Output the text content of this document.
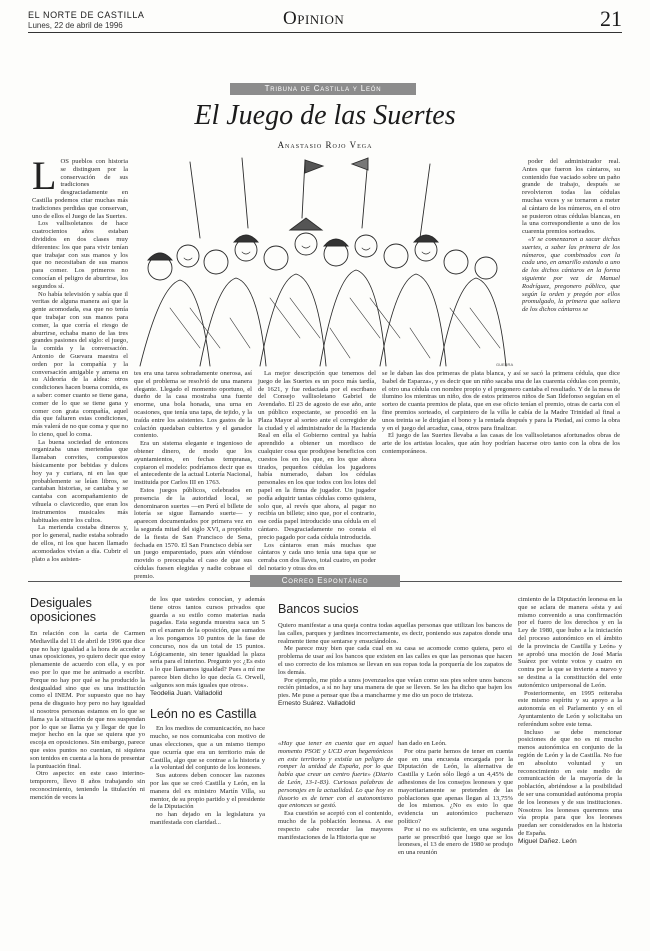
EL NORTE DE CASTILLA
Lunes, 22 de abril de 1996	Opinion	21
Tribuna de Castilla y León
El Juego de las Suertes
Anastasio Rojo Vega

LOS pueblos con historia se distinguen por la conservación de sus tradiciones desgraciadamente en Castilla podemos citar muchas más tradiciones perdidas que conservan, uno de ellos el Juego de las Suertes.

Los vallisoletanos de hace cuatrocientos años estaban divididos en dos clases muy diferentes: los que para vivir tenían que trabajar con sus manos y los que no necesitaban de sus manos para comer. Los primeros no conocían el peligro de aburrirse, los segundos sí.

No había televisión y sabía que il veritas de alguna manera así que la gente acomodada, esa que no tenía que trabajar con sus manos para comer, la que corría el riesgo de aburrirse, echaba mano de las tres grandes pasiones del siglo: el juego, la comida y la conversación. Antonio de Guevara maestra el orden por la compañía y la conversación amigable y amena en su Aldeoría de la aldea: otros condiciones hacen buena comida, es a saber: comer cuanto se tiene gana, comer de lo que se tiene gana y comer con grata compañía, aquel día que faltaren estas condiciones, más valerá de no que coma y que no lo cieno, quel lo coma.

La buena sociedad de entonces organizaba unas meriendas que llamaban convites, compuestos básicamente por bebidas y dulces hoy ya y curiara, ni en las que probablemente se leían libros, se cantaban historias, se cantaba y se cantaba con acompañamiento de vihuela o clavicordio, que eran los instrumentos musicales más habituales entre los cultos.

La merienda costaba dineros y, por lo general, nadie estaba sobrado de ellos, ni los que hacen llamado acomodados vivían a día. Cubrir el plato a los asisten-

GUERRA

poder del administrador real. Antes que fueron los cántaros, su contenido fue vaciado sobre un paño grande de trabajo, después se revolvieron todas las cédulas muchas veces y se tornaron a meter al cántaro de los números, en el otro se pusieron otras cédulas blancas, en la una correspondiente a uno de los cuarenta premios sorteados.

«Y se comenzaron a sacar dichas suertes, a saber las primera de los números, que combinados con la cada uno, en amarillo estando a uno de los dichos cántaros en la forma siguiente por vez de Manuel Rodríguez, pregonero público, que según la orden y pregón por ellos promulgado, la primera que saliera de los dichos cántaros se

tes era una tarea sobradamente onerosa, así que el problema se resolvió de una manera elegante. Llegado el momento oportuno, el dueño de la casa mostraba una fuente enorme, una bola honada, una urna en ocasiones, que tenía una tapa, de tejido, y la traída entre los asistentes. Los gastos de la colación quedaban cubiertos y el ganador contento.

Era un sistema elegante e ingenioso de obtener dinero, de modo que los ayuntamientos, en fechas tempranas, copiaron el modelo: podríamos decir que es el antecedente de la actual Lotería Nacional, instituida por Carlos III en 1763.

Estos juegos públicos, celebrados en presencia de la autoridad local, se denominaron suertes —en Perú el billete de lotería se sigue llamando suerte— y aparecen documentados por primera vez en la segunda mitad del siglo XVI, a propósito de la fiesta de San Francisco de Sena, fechada en 1570. El San Francisco debía ser un juego emparentado, pues aún viéndose movido o preocupaba el caso de que sus cédulas fuesen elegidas y nadie cobrase el premio.

La mejor descripción que tenemos del juego de las Suertes es un poco más tardía, de 1621, y fue redactada por el escribano del Consejo vallisoletano Gabriel de Avendaño. El 23 de agosto de ese año, ante un público expectante, se procedió en la Plaza Mayor al sorteo ante el corregidor de la ciudad y el administrador de la Hacienda Real en ella el Gobierno central ya había aprendido a obtener un mordisco de cualquier cosa que produjese beneficios con cuestos los en los que, en los que ahora tirados, pequeños cédulas los jugadores había numerado, daban los cédulas personales en los que todos con los lotes del papel en la firma de jugador. Un jugador podía adquirir tantas cédulas como quisiera, solo que, al revés que ahora, al pagar no recibía un billete; sino que, por el contrario, ese cedía papel introducido una cédula en el cántaro. Desgraciadamente no consta el precio pagado por cada cédula introducida.

Los cántaros eran más muchas que cántaros y cada uno tenía una tapa que se cerraba con dos llaves, total cuatro, en poder del notario y otras dos en

se le daban las dos primeras de plata blanca, y así se sacó la primera cédula, que dice Isabel de Esparza», y es decir que un niño sacaba una de las cuarenta cédulas con premio, el otro una cédula con nombre propio y el pregonero cantaba el resultado. Y de la mesa de ilumino los mientras un niño, dos de estos primeros niños de San Ildefonso seguían en el sorteo de cuanta premios de plata, que en ese oficio tenían el premio, otras de carta con el fine premios sorteado, el carpintero de la villa le cabía de la Madre Trinidad al final a unos treinta se le dirigían el bono y la rentada después y para la Piedad, así como la obra y en el juego del arcaduz, casa, otros para finalizar.

El juego de las Suertes llevaba a las casas de los vallisoletanos afortunados obras de arte de los artistas locales, que aún hoy podrían hacerse otro tanto con la obra de los contemporáneos.

Correo Espontáneo
Desiguales
oposiciones

En relación con la carta de Carmen Mediavilla del 11 de abril de 1996 que dice que no hay igualdad a la hora de acceder a unas oposiciones, yo quiero decir que estoy plenamente de acuerdo con ella, y es por eso por lo que me he animado a escribir. Porque no hay por qué se ha producido la desigualdad sino que es una institución como el INEM. Por supuesto que no hay pena de disgusto hoy pero no hay igualdad si nosotros personas estamos en lo que se llama ya la situación de que nos suspendan por lo que se llama ya y llegar de que lo mejor hecho en la que se quiera que yo escoja en oposiciones. Sin embargo, parece que estos puntos no cuentan, ni siquiera son tenidos en cuenta a la hora de presentar la puntuación final.

Otro aspecto: en este caso interino-temporero, llevo 8 años trabajando sin reconocimiento, teniendo la titulación ni mención de veces la

de los que ustedes conocían, y además tiene otros tantos cursos privados que guarda a su estilo como materias nada pagadas. Esta segunda muestra saca un 5 en el examen de la oposición, que sumados a los pongamos 10 puntos de la fase de concurso, nos da un total de 15 puntos. Lógicamente, sin tener igualdad la plaza sería para el interino. Pregunto yo: ¿Es esto a lo que llamamos igualdad? Pues a mí me parece bien dicho lo que decía G. Orwell, «algunos son más iguales que otros».

Teodelia Juan. Valladolid
León no es Castilla

En los medios de comunicación, no hace mucho, se nos comunicaba con motivo de unas elecciones, que a un mismo tiempo que ocurría que era un territorio más de Castilla, algo que se contrae a la historia y a la voluntad del conjunto de los leoneses.

Sus autores deben conocer las razones por las que se creó Castilla y León, en la manera del ex ministro Martín Villa, su mentor, de su propio partido y el presidente de la Diputación

no han dejado en la legislatura ya manifestada con claridad...

Bancos sucios

Quiero manifestar a una queja contra todas aquellas personas que utilizan los bancos de las calles, parques y jardines incorrectamente, es decir, poniendo sus zapatos donde una realmente tiene que sentarse y ensuciándolos.

Me parece muy bien que cada cual en su casa se acomode como quiera, pero el problema de usar así los bancos que existen en las calles es que las personas que hacen el uso correcto de los mismos se llevan en sus ropas toda la porquería de los zapatos de los demás.

Por ejemplo, me pido a unos jovenzuelos que veían como sus pies sobre unos bancos recién pintados, a sí no hay una manera de que se lleven. Se les ha dicho que bajen los pies. Me puse a pensar que iba a mancharme y me dio un poco de tristeza.

Ernesto Suárez. Valladolid

«Hay que tener en cuenta que en aquel momento PSOE y UCD eran hegemónicos en este territorio y existía un peligro de romper la unidad de España, por lo que había que crear un centro fuerte» (Diario de León, 13-1-83). Curiosas palabras de personajes en la actualidad. Lo que hoy es ilusorio es de tener con el autonomismo que entonces se gestó.

Esa cuestión se aceptó con el contenido, mucho de la población leonesa. A ese respecto cabe recordar las mayores manifestaciones de la Historia que se

han dado en León.

Por otra parte hemos de tener en cuenta que en una encuesta encargada por la Diputación de León, la alternativa de Castilla y León sólo llegó a un 4,45% de adhesiones de los consejos leoneses y que mayoritariamente se pretenden de las poblaciones que apenas llegan al 13,75% de los mismos. ¿No es esto lo que evidencia un autonómico pucherazo político?

Por si no es suficiente, en una segunda parte se prescribió que luego que se los leoneses, el 13 de enero de 1980 se produjo en una reunión

cimiento de la Diputación leonesa en la que se aclara de manera «ésta y así mismo convenido a una confirmación por el fuero de los derechos y en la Ley de 1980, que hubo a la iniciación del proceso autonómico en el ámbito de la provincia de Castilla y León» y se aprobó una moción de José María Suárez por veinte votos y cuatro en contra por la que se invierte a nuevo y se destina a la constitución del ente autonómico unipersonal de León.

Posteriormente, en 1995 reiteraba este mismo espíritu y su apoyo a la autonomía en el Parlamento y en el Ayuntamiento de León y solicitaba un referéndum sobre este tema.

Incluso se debe mencionar posiciones de que no es ni mucho menos autonómica en conjunto de la región de León y la de Castilla. No fue en absoluto voluntad y un reconocimiento en este medio de comunicación de la mayoría de la población, abriéndose a la posibilidad de ser una comunidad autónoma propia de los leoneses y de sus instituciones. Nosotros los leoneses queremos una vía propia para que los leoneses puedan ser considerados en la historia de España.

Miguel Dañez. León
